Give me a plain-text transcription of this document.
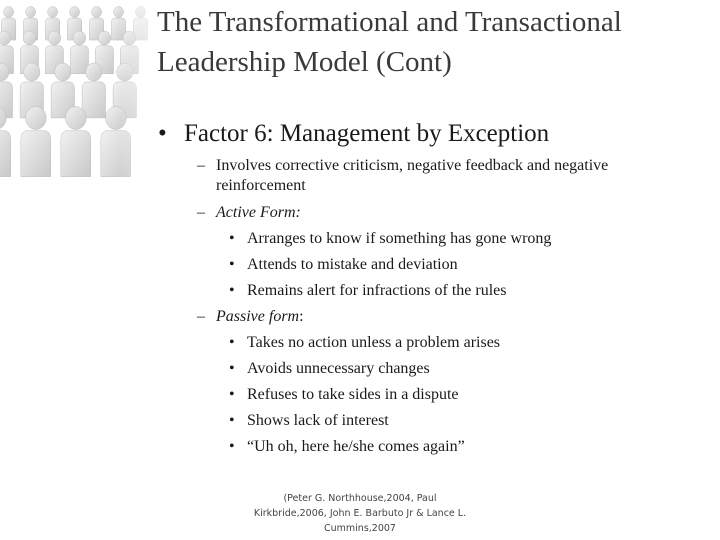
The Transformational and Transactional
Leadership Model (Cont)
• Factor 6: Management by Exception
– Involves corrective criticism, negative feedback and negative
reinforcement
– Active Form:
• Arranges to know if something has gone wrong
• Attends to mistake and deviation
• Remains alert for infractions of the rules
– Passive form:
• Takes no action unless a problem arises
• Avoids unnecessary changes
• Refuses to take sides in a dispute
• Shows lack of interest
• “Uh oh, here he/she comes again”
(Peter G. Northhouse,2004, Paul
Kirkbride,2006, John E. Barbuto Jr & Lance L.
Cummins,2007
